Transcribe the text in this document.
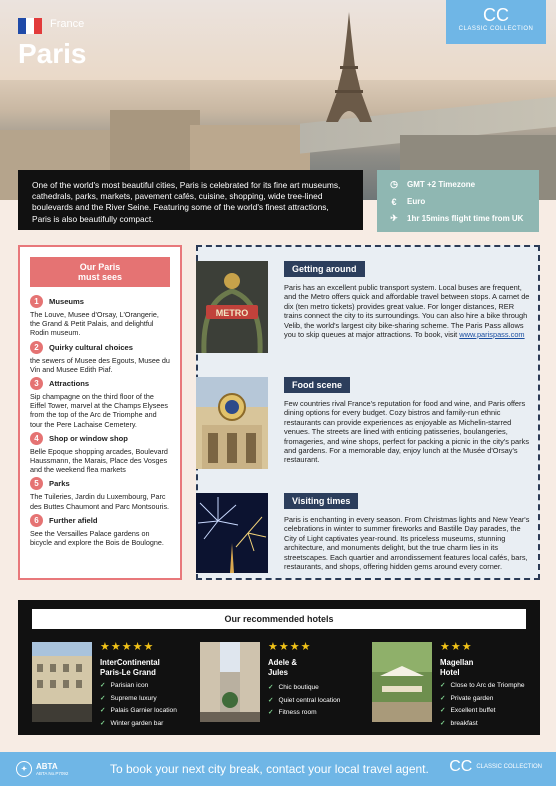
France
Paris
CC
CLASSIC COLLECTION
One of the world's most beautiful cities, Paris is celebrated for its fine art museums, cathedrals, parks, markets, pavement cafés, cuisine, shopping, wide tree-lined boulevards and the River Seine. Featuring some of the world's finest attractions, Paris is also beautifully compact.
◷	GMT +2 Timezone
€	Euro
✈	1hr 15mins flight time from UK
Our Paris
must sees
1	Museums
The Louve, Musee d'Orsay, L'Orangerie, the Grand & Petit Palais, and delightful Rodin museum.
2	Quirky cultural choices
the sewers of Musee des Egouts, Musee du Vin and Musee Edith Piaf.
3	Attractions
Sip champagne on the third floor of the Eiffel Tower, marvel at the Champs Elysees from the top of the Arc de Triomphe and tour the Pere Lachaise Cemetery.
4	Shop or window shop
Belle Epoque shopping arcades, Boulevard Haussmann, the Marais, Place des Vosges and the weekend flea markets
5	Parks
The Tuileries, Jardin du Luxembourg, Parc des Buttes Chaumont and Parc Montsouris.
6	Further afield
See the Versailles Palace gardens on bicycle and explore the Bois de Boulogne.
METRO
Getting around
Paris has an excellent public transport system. Local buses are frequent, and the Metro offers quick and affordable travel between stops. A carnet de dix (ten metro tickets) provides great value. For longer distances, RER trains connect the city to its surroundings. You can also hire a bike through Velib, the world's largest city bike-sharing scheme. The Paris Pass allows you to skip queues at major attractions. To book, visit www.parispass.com
Food scene
Few countries rival France's reputation for food and wine, and Paris offers dining options for every budget. Cozy bistros and family-run ethnic restaurants can provide experiences as enjoyable as Michelin-starred venues. The streets are lined with enticing patisseries, boulangeries, fromageries, and wine shops, perfect for packing a picnic in the city's parks and gardens. For a memorable day, enjoy lunch at the Musée d'Orsay's restaurant.
Visiting times
Paris is enchanting in every season. From Christmas lights and New Year's celebrations in winter to summer fireworks and Bastille Day parades, the City of Light captivates year-round. Its priceless museums, stunning architecture, and monuments delight, but the true charm lies in its streetscapes. Each quartier and arrondissement features local cafés, bars, restaurants, and shops, offering hidden gems around every corner.
Our recommended hotels
★★★★★
InterContinental
Paris-Le Grand
✓ Parisian icon
✓ Supreme luxury
✓ Palais Garnier location
✓ Winter garden bar
★★★★
Adele &
Jules
✓ Chic boutique
✓ Quiet central location
✓ Fitness room
★★★
Magellan
Hotel
✓ Close to Arc de Triomphe
✓ Private garden
✓ Excellent buffet
✓ breakfast
✦	ABTA
ABTA No.P7092	To book your next city break, contact your local travel agent. CC CLASSIC COLLECTION
